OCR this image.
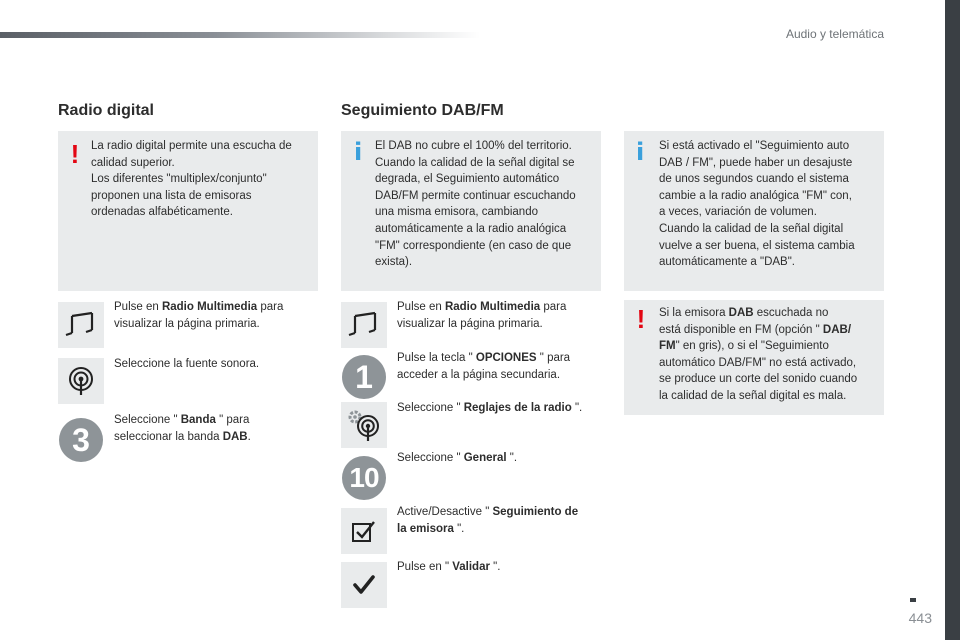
Audio y telemática
Radio digital
! La radio digital permite una escucha de
calidad superior.
Los diferentes "multiplex/conjunto"
proponen una lista de emisoras
ordenadas alfabéticamente.
Pulse en Radio Multimedia para
visualizar la página primaria.
Seleccione la fuente sonora.
3
Seleccione " Banda " para
seleccionar la banda DAB.
Seguimiento DAB/FM
i El DAB no cubre el 100% del territorio.
Cuando la calidad de la señal digital se
degrada, el Seguimiento automático
DAB/FM permite continuar escuchando
una misma emisora, cambiando
automáticamente a la radio analógica
"FM" correspondiente (en caso de que
exista).
Pulse en Radio Multimedia para
visualizar la página primaria.
1
Pulse la tecla " OPCIONES " para
acceder a la página secundaria.
Seleccione " Reglajes de la radio ".
10
Seleccione " General ".
Active/Desactive " Seguimiento de
la emisora ".
Pulse en " Validar ".
i Si está activado el "Seguimiento auto
DAB / FM", puede haber un desajuste
de unos segundos cuando el sistema
cambie a la radio analógica "FM" con,
a veces, variación de volumen.
Cuando la calidad de la señal digital
vuelve a ser buena, el sistema cambia
automáticamente a "DAB".
! Si la emisora DAB escuchada no
está disponible en FM (opción " DAB/
FM" en gris), o si el "Seguimiento
automático DAB/FM" no está activado,
se produce un corte del sonido cuando
la calidad de la señal digital es mala.
443
